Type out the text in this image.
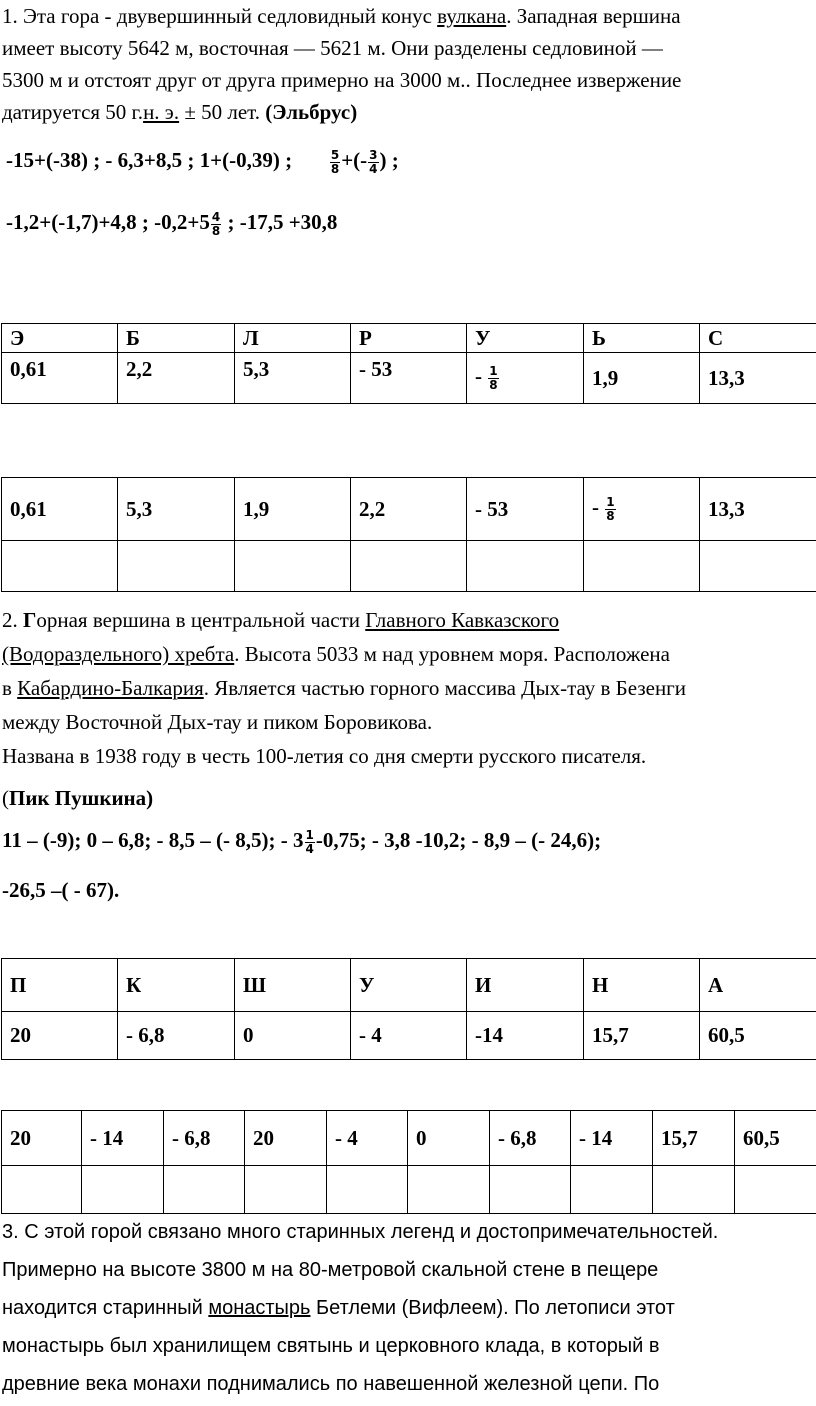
1. Эта гора - двувершинный седловидный конус вулкана. Западная вершина
имеет высоту 5642 м, восточная — 5621 м. Они разделены седловиной —
5300 м и отстоят друг от друга примерно на 3000 м.. Последнее извержение
датируется 50 г.н. э. ± 50 лет. (Эльбрус)
-15+(-38) ; - 6,3+8,5 ; 1+(-0,39) ;	$\frac{5}{8}$ +(- $\frac{3}{4}$ ) ;
-1,2+(-1,7)+4,8 ; $-0,2+5 \frac{4}{8}$ ; -17,5 +30,8
Э	Б	Л	Р	У	Ь	С
0,61	2,2	5,3	- 53	- $\frac{1}{8}$	1,9	13,3
0,61	5,3	1,9	2,2	- 53	- $\frac{1}{8}$	13,3

2. Горная вершина в центральной части Главного Кавказского
(Водораздельного) хребта. Высота 5033 м над уровнем моря. Расположена
в Кабардино-Балкария. Является частью горного массива Дых-тау в Безенги
между Восточной Дых-тау и пиком Боровикова.
Названа в 1938 году в честь 100-летия со дня смерти русского писателя.
(Пик Пушкина)
11 – (-9); 0 – 6,8; - 8,5 – (- 8,5); - $3 \frac{1}{4} -0,75$; - 3,8 -10,2; - 8,9 – (- 24,6);
-26,5 –( - 67).
П	К	Ш	У	И	Н	А
20	- 6,8	0	- 4	-14	15,7	60,5
20	- 14	- 6,8	20	- 4	0	- 6,8	- 14	15,7	60,5

3. С этой горой связано много старинных легенд и достопримечательностей.
Примерно на высоте 3800 м на 80-метровой скальной стене в пещере
находится старинный монастырь Бетлеми (Вифлеем). По летописи этот
монастырь был хранилищем святынь и церковного клада, в который в
древние века монахи поднимались по навешенной железной цепи. По
